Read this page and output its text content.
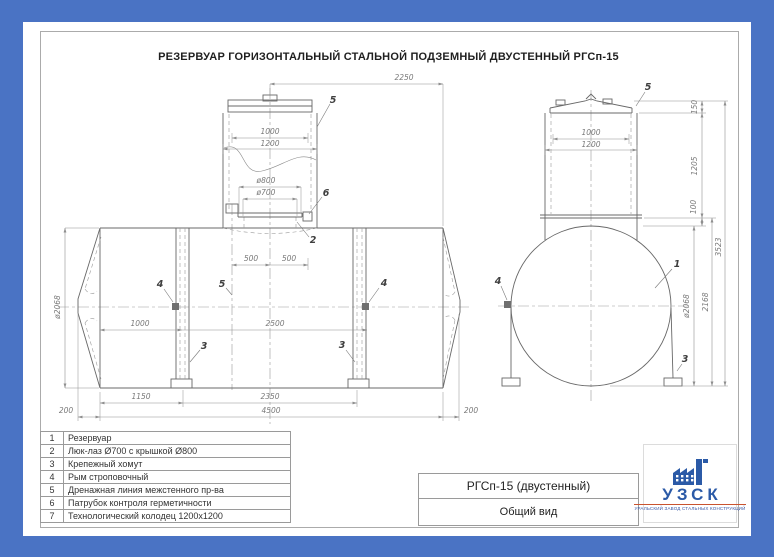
РЕЗЕРВУАР ГОРИЗОНТАЛЬНЫЙ СТАЛЬНОЙ ПОДЗЕМНЫЙ ДВУСТЕННЫЙ РГСп-15
2250
1000
1200
ø800
ø700
500	500
1000	2500
ø2068
1150	2350
200	4500	200
5
6
2
5
4	4
3	3
1000
1200
150
1205
100
ø2068 2168
3523
5
1
4
3
1	Резервуар
2	Люк-лаз Ø700 с крышкой Ø800
3	Крепежный хомут
4	Рым строповочный
5	Дренажная линия межстенного пр-ва
6	Патрубок контроля герметичности
7	Технологический колодец 1200x1200
РГСп-15 (двустенный)
Общий вид
УЗСК
УРАЛЬСКИЙ ЗАВОД СТАЛЬНЫХ КОНСТРУКЦИЙ
